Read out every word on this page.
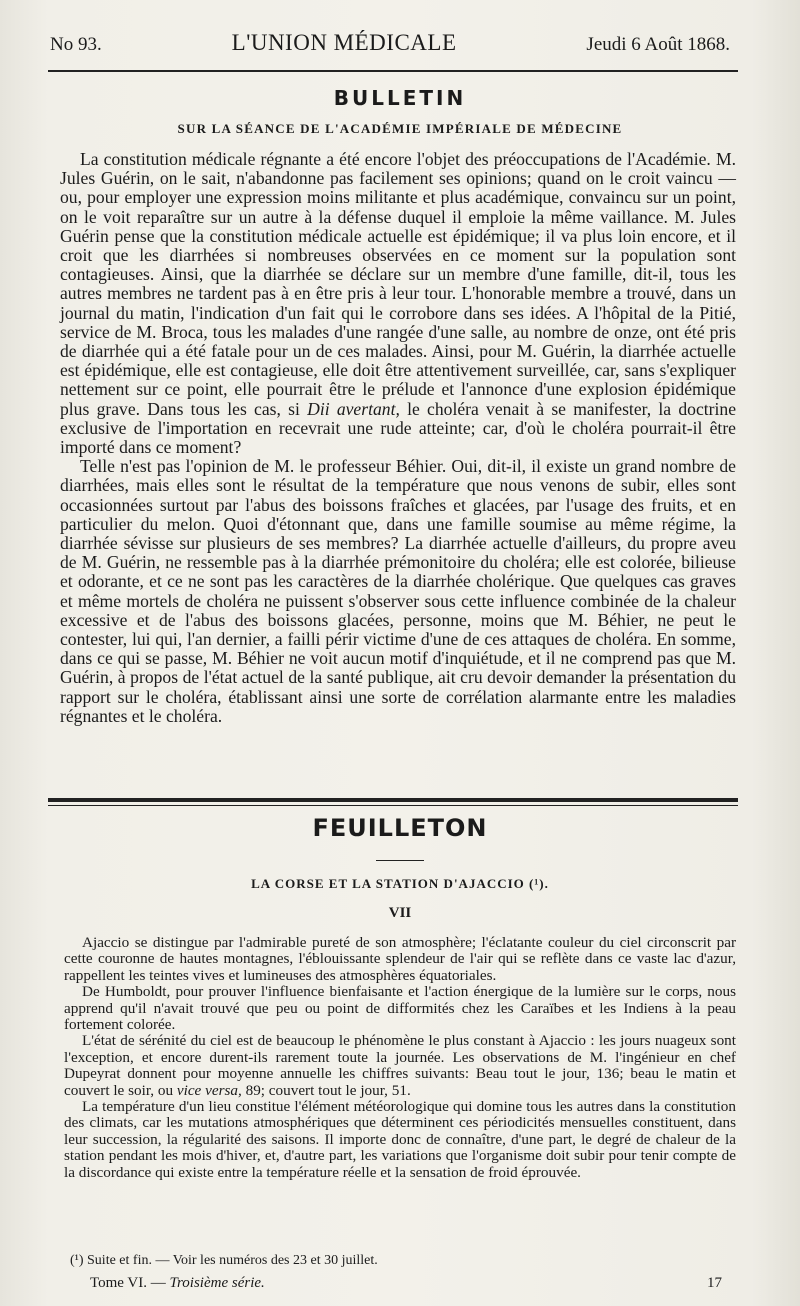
No 93.	L'UNION MÉDICALE	Jeudi 6 Août 1868.
BULLETIN
SUR LA SÉANCE DE L'ACADÉMIE IMPÉRIALE DE MÉDECINE

La constitution médicale régnante a été encore l'objet des préoccupations de l'Académie. M. Jules Guérin, on le sait, n'abandonne pas facilement ses opinions; quand on le croit vaincu — ou, pour employer une expression moins militante et plus académique, convaincu sur un point, on le voit reparaître sur un autre à la défense duquel il emploie la même vaillance. M. Jules Guérin pense que la constitution médicale actuelle est épidémique; il va plus loin encore, et il croit que les diarrhées si nombreuses observées en ce moment sur la population sont contagieuses. Ainsi, que la diarrhée se déclare sur un membre d'une famille, dit-il, tous les autres membres ne tardent pas à en être pris à leur tour. L'honorable membre a trouvé, dans un journal du matin, l'indication d'un fait qui le corrobore dans ses idées. A l'hôpital de la Pitié, service de M. Broca, tous les malades d'une rangée d'une salle, au nombre de onze, ont été pris de diarrhée qui a été fatale pour un de ces malades. Ainsi, pour M. Guérin, la diarrhée actuelle est épidémique, elle est contagieuse, elle doit être attentivement surveillée, car, sans s'expliquer nettement sur ce point, elle pourrait être le prélude et l'annonce d'une explosion épidémique plus grave. Dans tous les cas, si Dii avertant, le choléra venait à se manifester, la doctrine exclusive de l'importation en recevrait une rude atteinte; car, d'où le choléra pourrait-il être importé dans ce moment?

Telle n'est pas l'opinion de M. le professeur Béhier. Oui, dit-il, il existe un grand nombre de diarrhées, mais elles sont le résultat de la température que nous venons de subir, elles sont occasionnées surtout par l'abus des boissons fraîches et glacées, par l'usage des fruits, et en particulier du melon. Quoi d'étonnant que, dans une famille soumise au même régime, la diarrhée sévisse sur plusieurs de ses membres? La diarrhée actuelle d'ailleurs, du propre aveu de M. Guérin, ne ressemble pas à la diarrhée prémonitoire du choléra; elle est colorée, bilieuse et odorante, et ce ne sont pas les caractères de la diarrhée cholérique. Que quelques cas graves et même mortels de choléra ne puissent s'observer sous cette influence combinée de la chaleur excessive et de l'abus des boissons glacées, personne, moins que M. Béhier, ne peut le contester, lui qui, l'an dernier, a failli périr victime d'une de ces attaques de choléra. En somme, dans ce qui se passe, M. Béhier ne voit aucun motif d'inquiétude, et il ne comprend pas que M. Guérin, à propos de l'état actuel de la santé publique, ait cru devoir demander la présentation du rapport sur le choléra, établissant ainsi une sorte de corrélation alarmante entre les maladies régnantes et le choléra.

FEUILLETON
LA CORSE ET LA STATION D'AJACCIO (¹).
VII

Ajaccio se distingue par l'admirable pureté de son atmosphère; l'éclatante couleur du ciel circonscrit par cette couronne de hautes montagnes, l'éblouissante splendeur de l'air qui se reflète dans ce vaste lac d'azur, rappellent les teintes vives et lumineuses des atmosphères équatoriales.

De Humboldt, pour prouver l'influence bienfaisante et l'action énergique de la lumière sur le corps, nous apprend qu'il n'avait trouvé que peu ou point de difformités chez les Caraïbes et les Indiens à la peau fortement colorée.

L'état de sérénité du ciel est de beaucoup le phénomène le plus constant à Ajaccio : les jours nuageux sont l'exception, et encore durent-ils rarement toute la journée. Les observations de M. l'ingénieur en chef Dupeyrat donnent pour moyenne annuelle les chiffres suivants: Beau tout le jour, 136; beau le matin et couvert le soir, ou vice versa, 89; couvert tout le jour, 51.

La température d'un lieu constitue l'élément météorologique qui domine tous les autres dans la constitution des climats, car les mutations atmosphériques que déterminent ces périodicités mensuelles constituent, dans leur succession, la régularité des saisons. Il importe donc de connaître, d'une part, le degré de chaleur de la station pendant les mois d'hiver, et, d'autre part, les variations que l'organisme doit subir pour tenir compte de la discordance qui existe entre la température réelle et la sensation de froid éprouvée.

(¹) Suite et fin. — Voir les numéros des 23 et 30 juillet.
Tome VI. — Troisième série.	17
